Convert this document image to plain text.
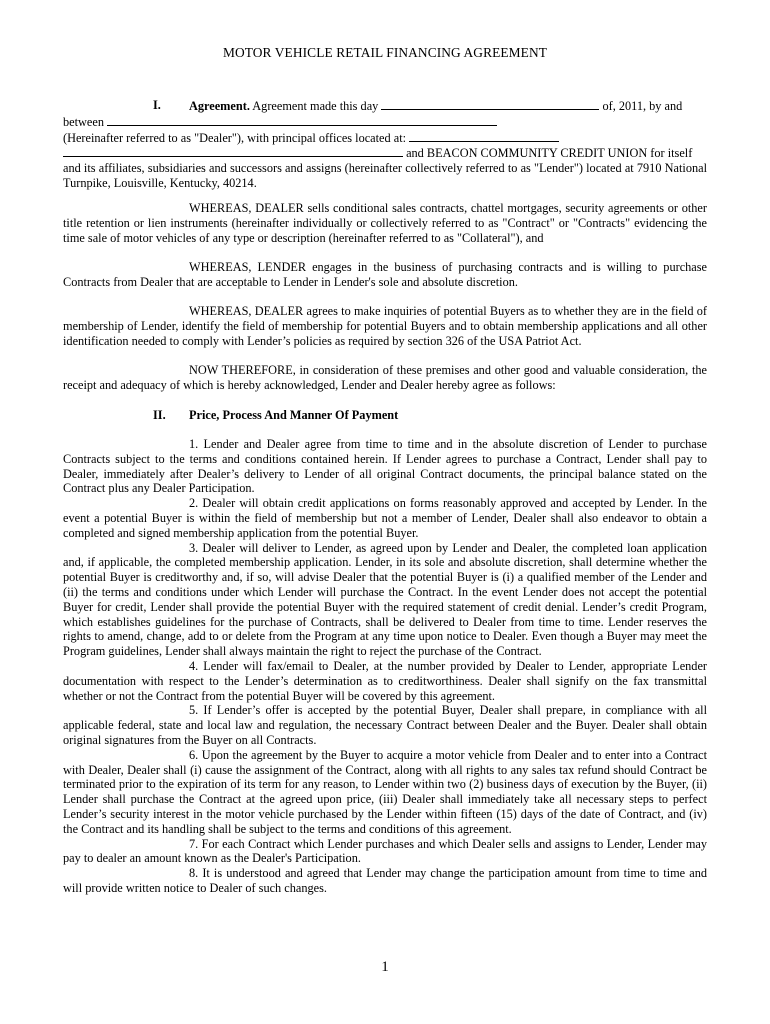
MOTOR VEHICLE RETAIL FINANCING AGREEMENT
I.	Agreement. Agreement made this day	of, 2011, by and
between
(Hereinafter referred to as "Dealer"), with principal offices located at:
and BEACON COMMUNITY CREDIT UNION for itself

and its affiliates, subsidiaries and successors and assigns (hereinafter collectively referred to as "Lender") located at 7910 National Turnpike, Louisville, Kentucky, 40214.

WHEREAS, DEALER sells conditional sales contracts, chattel mortgages, security agreements or other title retention or lien instruments (hereinafter individually or collectively referred to as "Contract" or "Contracts" evidencing the time sale of motor vehicles of any type or description (hereinafter referred to as "Collateral"), and

WHEREAS, LENDER engages in the business of purchasing contracts and is willing to purchase Contracts from Dealer that are acceptable to Lender in Lender's sole and absolute discretion.

WHEREAS, DEALER agrees to make inquiries of potential Buyers as to whether they are in the field of membership of Lender, identify the field of membership for potential Buyers and to obtain membership applications and all other identification needed to comply with Lender’s policies as required by section 326 of the USA Patriot Act.

NOW THEREFORE, in consideration of these premises and other good and valuable consideration, the receipt and adequacy of which is hereby acknowledged, Lender and Dealer hereby agree as follows:

II. Price, Process And Manner Of Payment

1. Lender and Dealer agree from time to time and in the absolute discretion of Lender to purchase Contracts subject to the terms and conditions contained herein. If Lender agrees to purchase a Contract, Lender shall pay to Dealer, immediately after Dealer’s delivery to Lender of all original Contract documents, the principal balance stated on the Contract plus any Dealer Participation.

2. Dealer will obtain credit applications on forms reasonably approved and accepted by Lender. In the event a potential Buyer is within the field of membership but not a member of Lender, Dealer shall also endeavor to obtain a completed and signed membership application from the potential Buyer.

3. Dealer will deliver to Lender, as agreed upon by Lender and Dealer, the completed loan application and, if applicable, the completed membership application. Lender, in its sole and absolute discretion, shall determine whether the potential Buyer is creditworthy and, if so, will advise Dealer that the potential Buyer is (i) a qualified member of the Lender and (ii) the terms and conditions under which Lender will purchase the Contract. In the event Lender does not accept the potential Buyer for credit, Lender shall provide the potential Buyer with the required statement of credit denial. Lender’s credit Program, which establishes guidelines for the purchase of Contracts, shall be delivered to Dealer from time to time. Lender reserves the rights to amend, change, add to or delete from the Program at any time upon notice to Dealer. Even though a Buyer may meet the Program guidelines, Lender shall always maintain the right to reject the purchase of the Contract.

4. Lender will fax/email to Dealer, at the number provided by Dealer to Lender, appropriate Lender documentation with respect to the Lender’s determination as to creditworthiness. Dealer shall signify on the fax transmittal whether or not the Contract from the potential Buyer will be covered by this agreement.

5. If Lender’s offer is accepted by the potential Buyer, Dealer shall prepare, in compliance with all applicable federal, state and local law and regulation, the necessary Contract between Dealer and the Buyer. Dealer shall obtain original signatures from the Buyer on all Contracts.

6. Upon the agreement by the Buyer to acquire a motor vehicle from Dealer and to enter into a Contract with Dealer, Dealer shall (i) cause the assignment of the Contract, along with all rights to any sales tax refund should Contract be terminated prior to the expiration of its term for any reason, to Lender within two (2) business days of execution by the Buyer, (ii) Lender shall purchase the Contract at the agreed upon price, (iii) Dealer shall immediately take all necessary steps to perfect Lender’s security interest in the motor vehicle purchased by the Lender within fifteen (15) days of the date of Contract, and (iv) the Contract and its handling shall be subject to the terms and conditions of this agreement.

7. For each Contract which Lender purchases and which Dealer sells and assigns to Lender, Lender may pay to dealer an amount known as the Dealer's Participation.

8. It is understood and agreed that Lender may change the participation amount from time to time and will provide written notice to Dealer of such changes.

1
